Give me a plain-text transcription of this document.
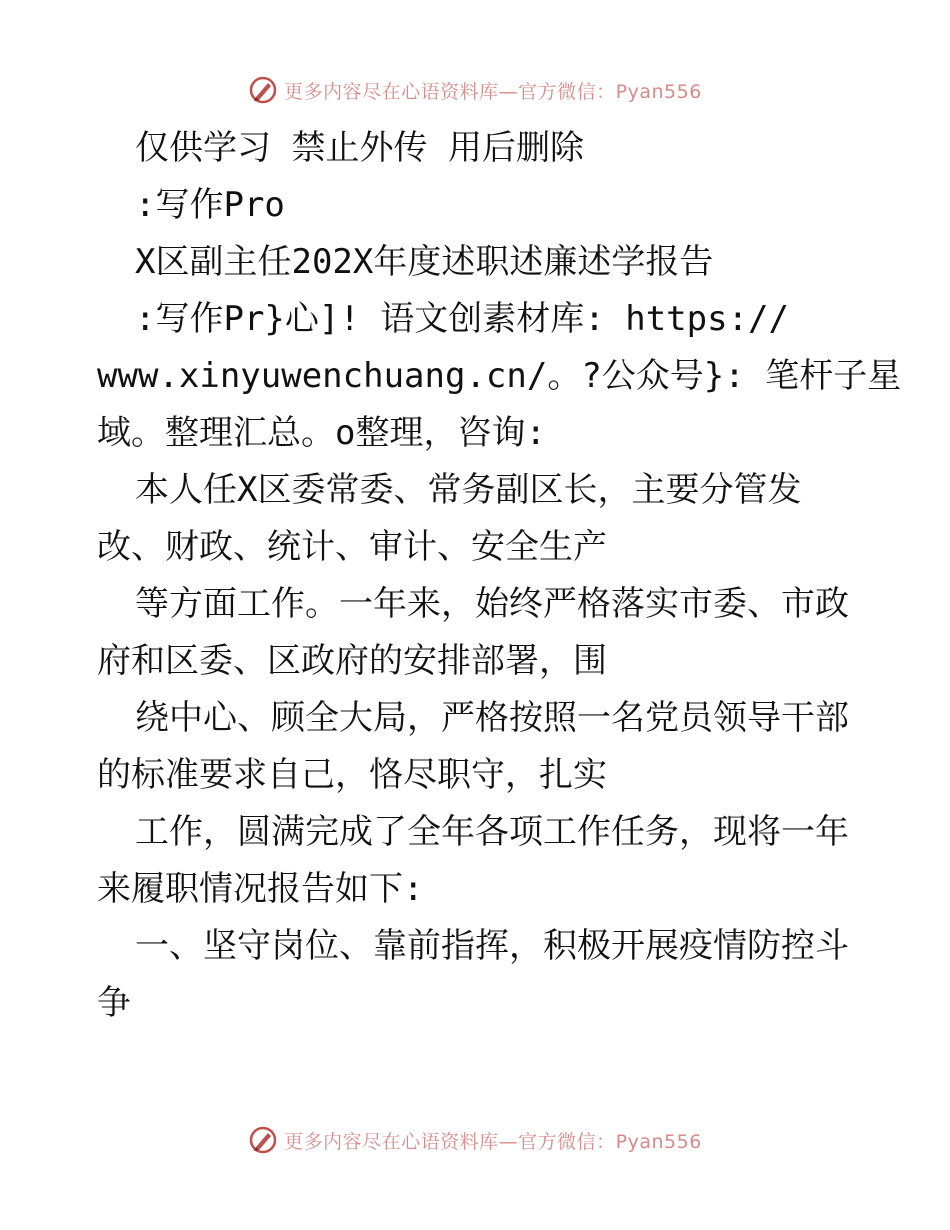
更多内容尽在心语资料库—官方微信：Pyan556
仅供学习 禁止外传 用后删除
:写作Pro
X区副主任202X年度述职述廉述学报告
:写作Pr}心]! 语文创素材库: https://
www.xinyuwenchuang.cn/。?公众号}: 笔杆子星
域。整理汇总。o整理，咨询:
本人任X区委常委、常务副区长，主要分管发
改、财政、统计、审计、安全生产
等方面工作。一年来，始终严格落实市委、市政
府和区委、区政府的安排部署，围
绕中心、顾全大局，严格按照一名党员领导干部
的标准要求自己，恪尽职守，扎实
工作，圆满完成了全年各项工作任务，现将一年
来履职情况报告如下:
一、坚守岗位、靠前指挥，积极开展疫情防控斗
争
更多内容尽在心语资料库—官方微信：Pyan556
